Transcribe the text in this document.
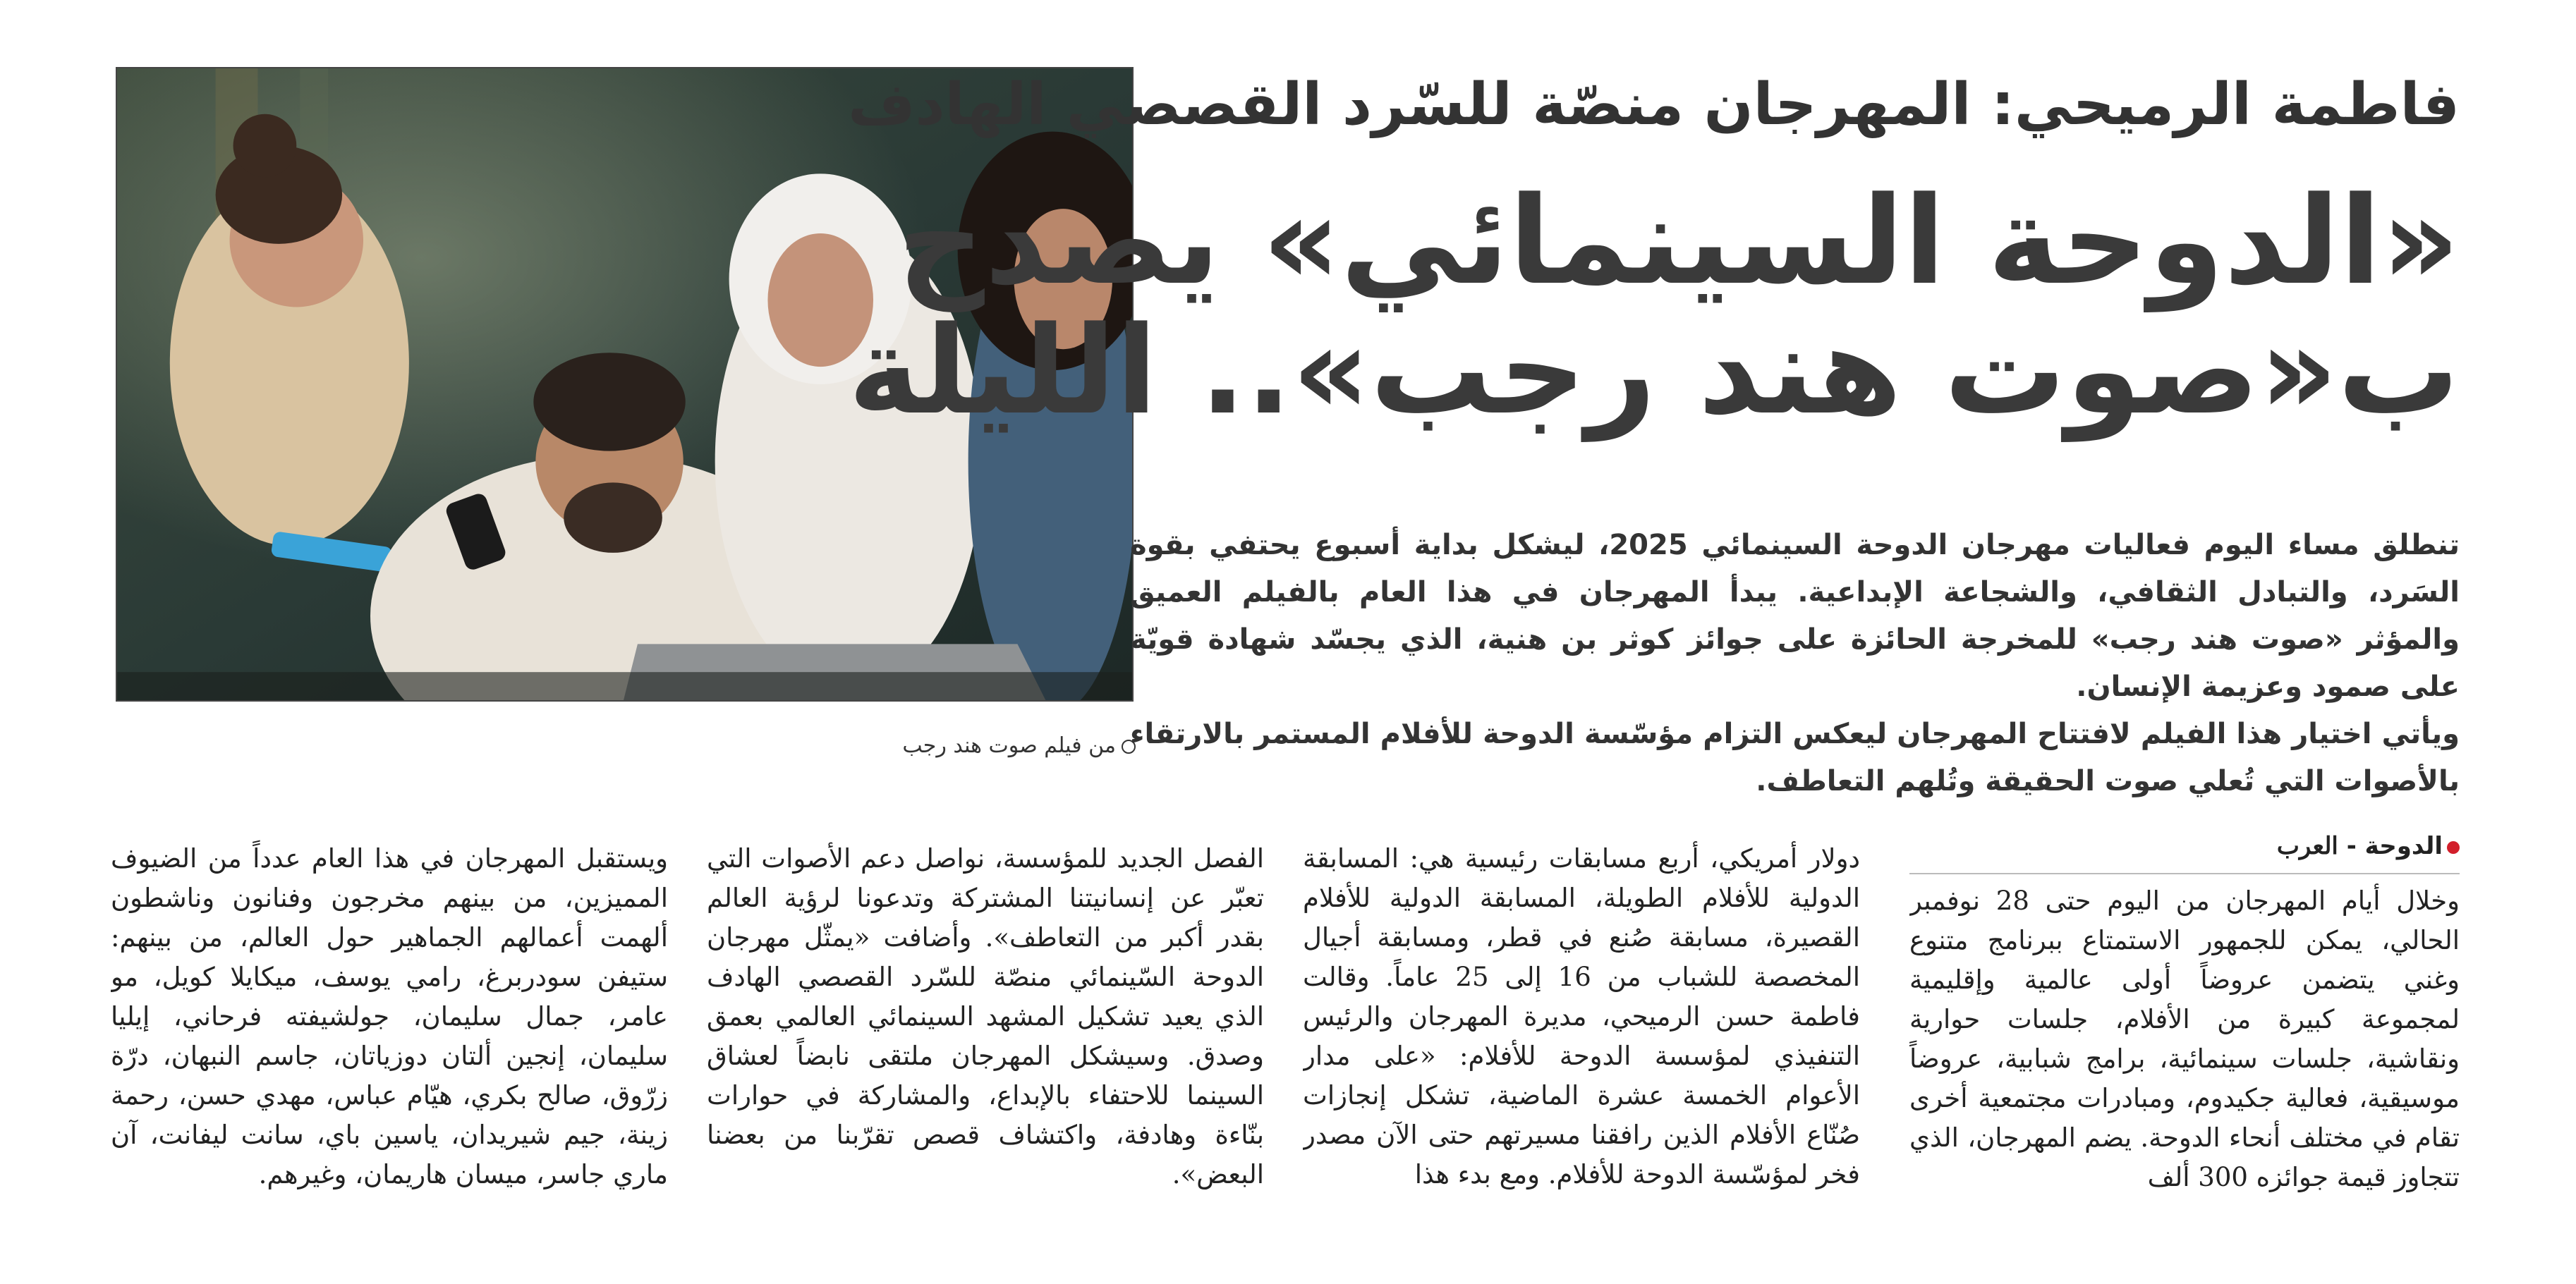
من فيلم صوت هند رجب
فاطمة الرميحي: المهرجان منصّة للسّرد القصصي الهادف
«الدوحة السينمائي» يصدح
ب«صوت هند رجب».. الليلة

تنطلق مساء اليوم فعاليات مهرجان الدوحة السينمائي 2025، ليشكل بداية أسبوع يحتفي بقوة السَرد، والتبادل الثقافي، والشجاعة الإبداعية. يبدأ المهرجان في هذا العام بالفيلم العميق والمؤثر «صوت هند رجب» للمخرجة الحائزة على جوائز كوثر بن هنية، الذي يجسّد شهادة قويّة على صمود وعزيمة الإنسان.

ويأتي اختيار هذا الفيلم لافتتاح المهرجان ليعكس التزام مؤسّسة الدوحة للأفلام المستمر بالارتقاء بالأصوات التي تُعلي صوت الحقيقة وتُلهم التعاطف.

الدوحة - العرب

وخلال أيام المهرجان من اليوم حتى 28 نوفمبر الحالي، يمكن للجمهور الاستمتاع ببرنامج متنوع وغني يتضمن عروضاً أولى عالمية وإقليمية لمجموعة كبيرة من الأفلام، جلسات حوارية ونقاشية، جلسات سينمائية، برامج شبابية، عروضاً موسيقية، فعالية جكيدوم، ومبادرات مجتمعية أخرى تقام في مختلف أنحاء الدوحة. يضم المهرجان، الذي تتجاوز قيمة جوائزه 300 ألف

دولار أمريكي، أربع مسابقات رئيسية هي: المسابقة الدولية للأفلام الطويلة، المسابقة الدولية للأفلام القصيرة، مسابقة صُنع في قطر، ومسابقة أجيال المخصصة للشباب من 16 إلى 25 عاماً. وقالت فاطمة حسن الرميحي، مديرة المهرجان والرئيس التنفيذي لمؤسسة الدوحة للأفلام: «على مدار الأعوام الخمسة عشرة الماضية، تشكل إنجازات صُنّاع الأفلام الذين رافقنا مسيرتهم حتى الآن مصدر فخر لمؤسّسة الدوحة للأفلام. ومع بدء هذا

الفصل الجديد للمؤسسة، نواصل دعم الأصوات التي تعبّر عن إنسانيتنا المشتركة وتدعونا لرؤية العالم بقدر أكبر من التعاطف». وأضافت «يمثّل مهرجان الدوحة السّينمائي منصّة للسّرد القصصي الهادف الذي يعيد تشكيل المشهد السينمائي العالمي بعمق وصدق. وسيشكل المهرجان ملتقى نابضاً لعشاق السينما للاحتفاء بالإبداع، والمشاركة في حوارات بنّاءة وهادفة، واكتشاف قصص تقرّبنا من بعضنا البعض».

ويستقبل المهرجان في هذا العام عدداً من الضيوف المميزين، من بينهم مخرجون وفنانون وناشطون ألهمت أعمالهم الجماهير حول العالم، من بينهم: ستيفن سودربرغ، رامي يوسف، ميكايلا كويل، مو عامر، جمال سليمان، جولشيفته فرحاني، إيليا سليمان، إنجين ألتان دوزياتان، جاسم النبهان، درّة زرّوق، صالح بكري، هيّام عباس، مهدي حسن، رحمة زينة، جيم شيريدان، ياسين باي، سانت ليفانت، آن ماري جاسر، ميسان هاريمان، وغيرهم.
